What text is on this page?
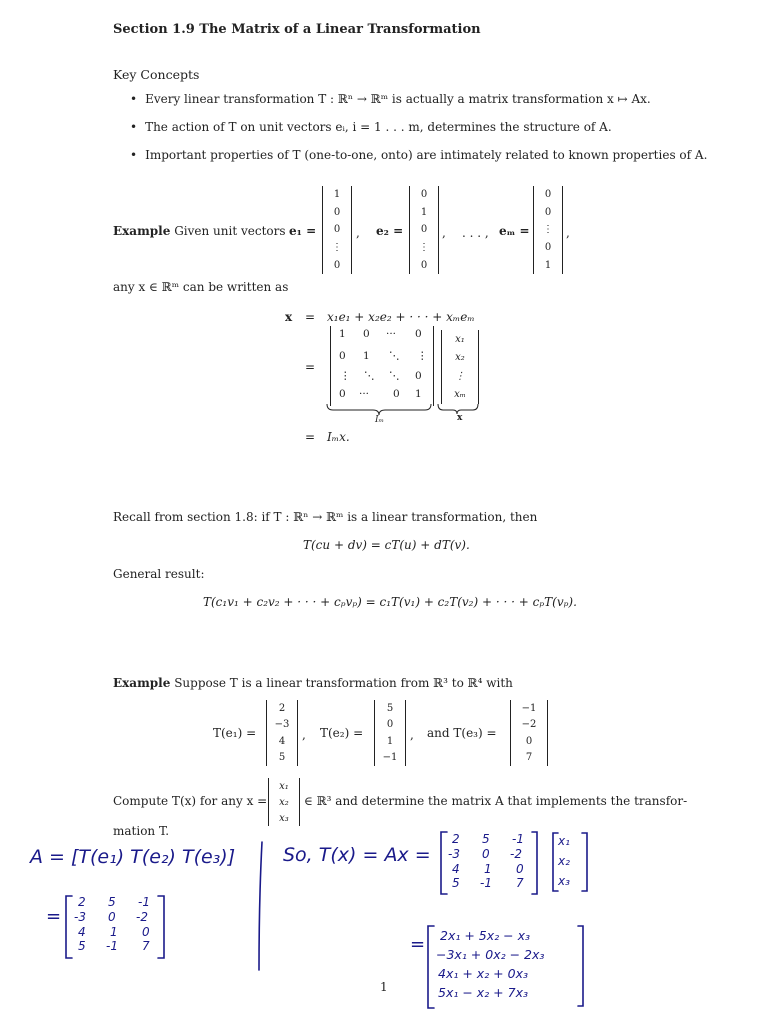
Section 1.9 The Matrix of a Linear Transformation
Key Concepts
• Every linear transformation T : ℝⁿ → ℝᵐ is actually a matrix transformation x ↦ Ax.
• The action of T on unit vectors eᵢ, i = 1 . . . m, determines the structure of A.
• Important properties of T (one-to-one, onto) are intimately related to known properties of A.
Example Given unit vectors e₁ =
1
0
0
⋮
0
, e₂ =
0
1
0
⋮
0
, . . . , eₘ =
0
0
⋮
0
1
,
any x ∈ ℝᵐ can be written as
x = x₁e₁ + x₂e₂ + · · · + xₘeₘ
=
1 0 ··· 0
0 1 ⋱ ⋮
⋮ ⋱ ⋱ 0
0 ··· 0 1
x₁
x₂
⋮
xₘ
Iₘ	x
= Iₘx.
Recall from section 1.8: if T : ℝⁿ → ℝᵐ is a linear transformation, then
T(cu + dv) = cT(u) + dT(v).
General result:
T(c₁v₁ + c₂v₂ + · · · + cₚvₚ) = c₁T(v₁) + c₂T(v₂) + · · · + cₚT(vₚ).
Example Suppose T is a linear transformation from ℝ³ to ℝ⁴ with
T(e₁) =
2
−3
4
5
, T(e₂) =
5
0
1
−1
, and T(e₃) =
−1
−2
0
7
Compute T(x) for any x =
x₁
x₂
x₃
∈ ℝ³ and determine the matrix A that implements the transfor-
mation T.
A = [T(e₁) T(e₂) T(e₃)]
=
2 5 -1
-3 0 -2
4 1 0
5 -1 7
So, T(x) = Ax =
2 5 -1
-3 0 -2
4 1 0
5 -1 7
x₁
x₂
x₃
= 2x₁ + 5x₂ − x₃
−3x₁ + 0x₂ − 2x₃
4x₁ + x₂ + 0x₃
5x₁ − x₂ + 7x₃
1
